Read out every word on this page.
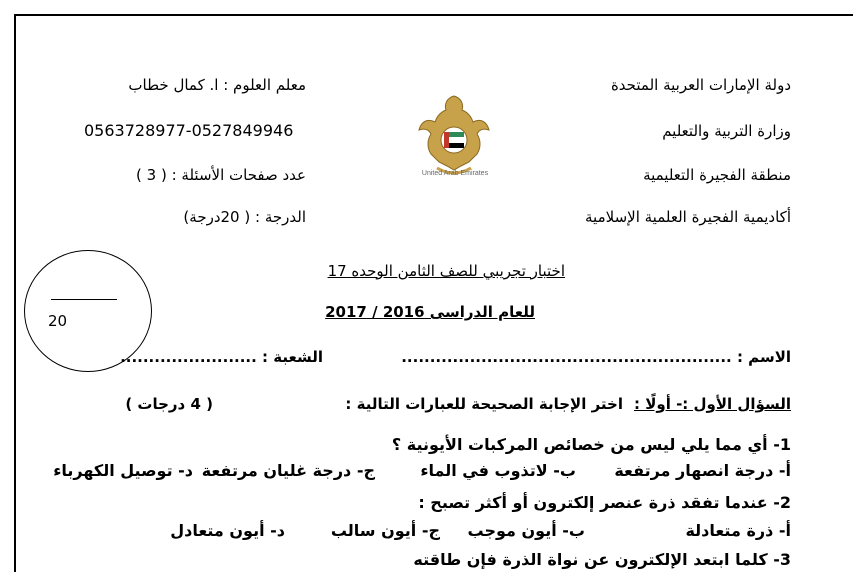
دولة الإمارات العربية المتحدة
وزارة التربية والتعليم
منطقة الفجيرة التعليمية
أكاديمية الفجيرة العلمية الإسلامية
United Arab Emirates
معلم العلوم : ا. كمال خطاب
0563728977-0527849946
عدد صفحات الأسئلة : ( 3 )
الدرجة : ( 20درجة)
20
اختبار تجريبي للصف الثامن الوحده 17
للعام الدراسى 2016 / 2017
الاسم : ..........................................................
الشعبة : ........................
السؤال الأول :- أولًا :
اختر الإجابة الصحيحة للعبارات التالية :
( 4 درجات )
1- أي مما يلي ليس من خصائص المركبات الأيونية ؟
أ- درجة انصهار مرتفعة
ب- لاتذوب في الماء
ج- درجة غليان مرتفعة
د- توصيل الكهرباء
2- عندما تفقد ذرة عنصر إلكترون أو أكثر تصبح :
أ- ذرة متعادلة
ب- أيون موجب
ج- أيون سالب
د- أيون متعادل
3- كلما ابتعد الإلكترون عن نواة الذرة فإن طاقته
